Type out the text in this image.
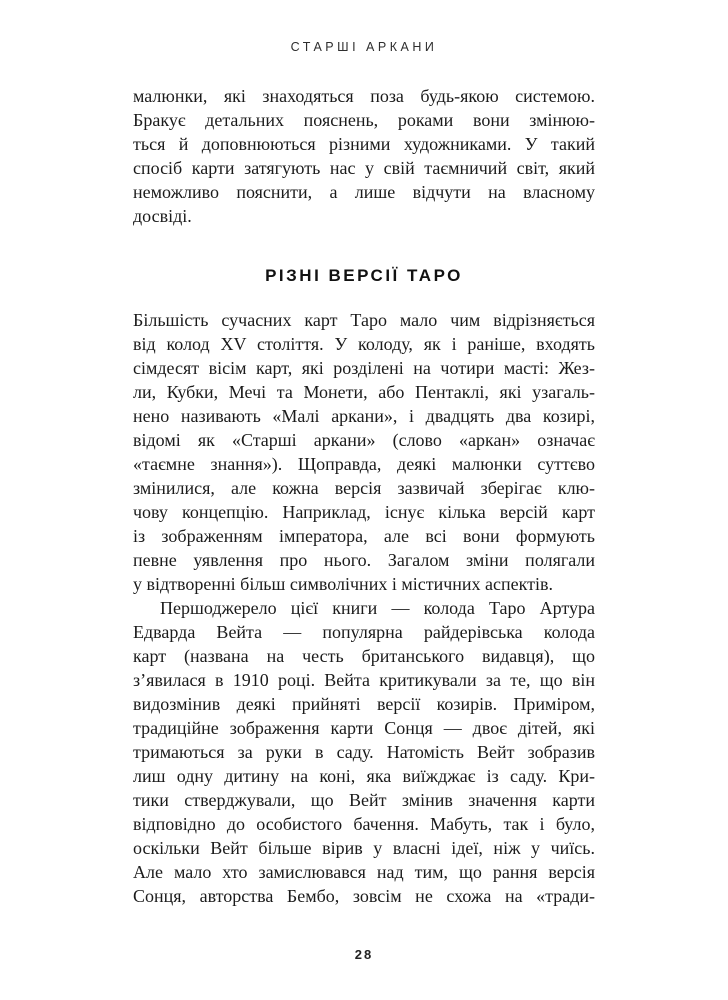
СТАРШІ АРКАНИ
малюнки, які знаходяться поза будь-якою системою.
Бракує детальних пояснень, роками вони змінюю-
ться й доповнюються різними художниками. У такий
спосіб карти затягують нас у свій таємничий світ, який
неможливо пояснити, а лише відчути на власному
досвіді.
РІЗНІ ВЕРСІЇ ТАРО
Більшість сучасних карт Таро мало чим відрізняється
від колод XV століття. У колоду, як і раніше, входять
сімдесят вісім карт, які розділені на чотири масті: Жез-
ли, Кубки, Мечі та Монети, або Пентаклі, які узагаль-
нено називають «Малі аркани», і двадцять два козирі,
відомі як «Старші аркани» (слово «аркан» означає
«таємне знання»). Щоправда, деякі малюнки суттєво
змінилися, але кожна версія зазвичай зберігає клю-
чову концепцію. Наприклад, існує кілька версій карт
із зображенням імператора, але всі вони формують
певне уявлення про нього. Загалом зміни полягали
у відтворенні більш символічних і містичних аспектів.
Першоджерело цієї книги — колода Таро Артура
Едварда Вейта — популярна райдерівська колода
карт (названа на честь британського видавця), що
з’явилася в 1910 році. Вейта критикували за те, що він
видозмінив деякі прийняті версії козирів. Приміром,
традиційне зображення карти Сонця — двоє дітей, які
тримаються за руки в саду. Натомість Вейт зобразив
лиш одну дитину на коні, яка виїжджає із саду. Кри-
тики стверджували, що Вейт змінив значення карти
відповідно до особистого бачення. Мабуть, так і було,
оскільки Вейт більше вірив у власні ідеї, ніж у чиїсь.
Але мало хто замислювався над тим, що рання версія
Сонця, авторства Бембо, зовсім не схожа на «тради-
28
